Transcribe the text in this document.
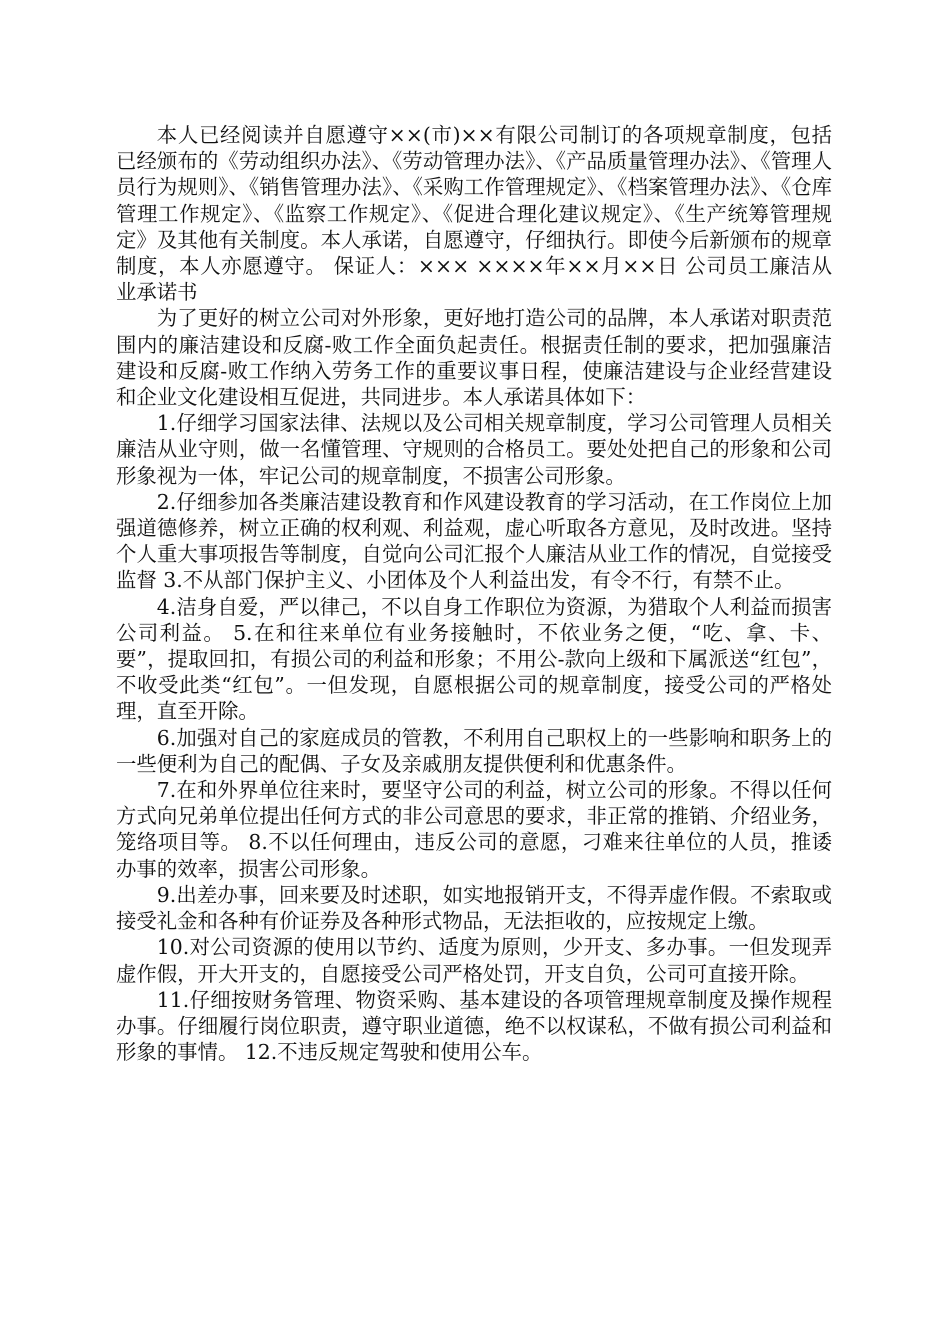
本人已经阅读并自愿遵守××(市)××有限公司制订的各项规章制度，包括已经颁布的《劳动组织办法》、《劳动管理办法》、《产品质量管理办法》、《管理人员行为规则》、《销售管理办法》、《采购工作管理规定》、《档案管理办法》、《仓库管理工作规定》、《监察工作规定》、《促进合理化建议规定》、《生产统筹管理规定》及其他有关制度。本人承诺，自愿遵守，仔细执行。即使今后新颁布的规章制度，本人亦愿遵守。 保证人：××× ××××年××月××日 公司员工廉洁从业承诺书

为了更好的树立公司对外形象，更好地打造公司的品牌，本人承诺对职责范围内的廉洁建设和反腐-败工作全面负起责任。根据责任制的要求，把加强廉洁建设和反腐-败工作纳入劳务工作的重要议事日程，使廉洁建设与企业经营建设和企业文化建设相互促进，共同进步。本人承诺具体如下：

1.仔细学习国家法律、法规以及公司相关规章制度，学习公司管理人员相关廉洁从业守则，做一名懂管理、守规则的合格员工。要处处把自己的形象和公司形象视为一体，牢记公司的规章制度，不损害公司形象。

2.仔细参加各类廉洁建设教育和作风建设教育的学习活动，在工作岗位上加强道德修养，树立正确的权利观、利益观，虚心听取各方意见，及时改进。坚持个人重大事项报告等制度，自觉向公司汇报个人廉洁从业工作的情况，自觉接受监督 3.不从部门保护主义、小团体及个人利益出发，有令不行，有禁不止。

4.洁身自爱，严以律己，不以自身工作职位为资源，为猎取个人利益而损害公司利益。 5.在和往来单位有业务接触时，不依业务之便，“吃、拿、卡、要”，提取回扣，有损公司的利益和形象；不用公-款向上级和下属派送“红包”，不收受此类“红包”。一但发现，自愿根据公司的规章制度，接受公司的严格处理，直至开除。

6.加强对自己的家庭成员的管教，不利用自己职权上的一些影响和职务上的一些便利为自己的配偶、子女及亲戚朋友提供便利和优惠条件。

7.在和外界单位往来时，要坚守公司的利益，树立公司的形象。不得以任何方式向兄弟单位提出任何方式的非公司意思的要求，非正常的推销、介绍业务，笼络项目等。 8.不以任何理由，违反公司的意愿，刁难来往单位的人员，推诿办事的效率，损害公司形象。

9.出差办事，回来要及时述职，如实地报销开支，不得弄虚作假。不索取或接受礼金和各种有价证券及各种形式物品，无法拒收的，应按规定上缴。

10.对公司资源的使用以节约、适度为原则，少开支、多办事。一但发现弄虚作假，开大开支的，自愿接受公司严格处罚，开支自负，公司可直接开除。

11.仔细按财务管理、物资采购、基本建设的各项管理规章制度及操作规程办事。仔细履行岗位职责，遵守职业道德，绝不以权谋私，不做有损公司利益和形象的事情。 12.不违反规定驾驶和使用公车。
